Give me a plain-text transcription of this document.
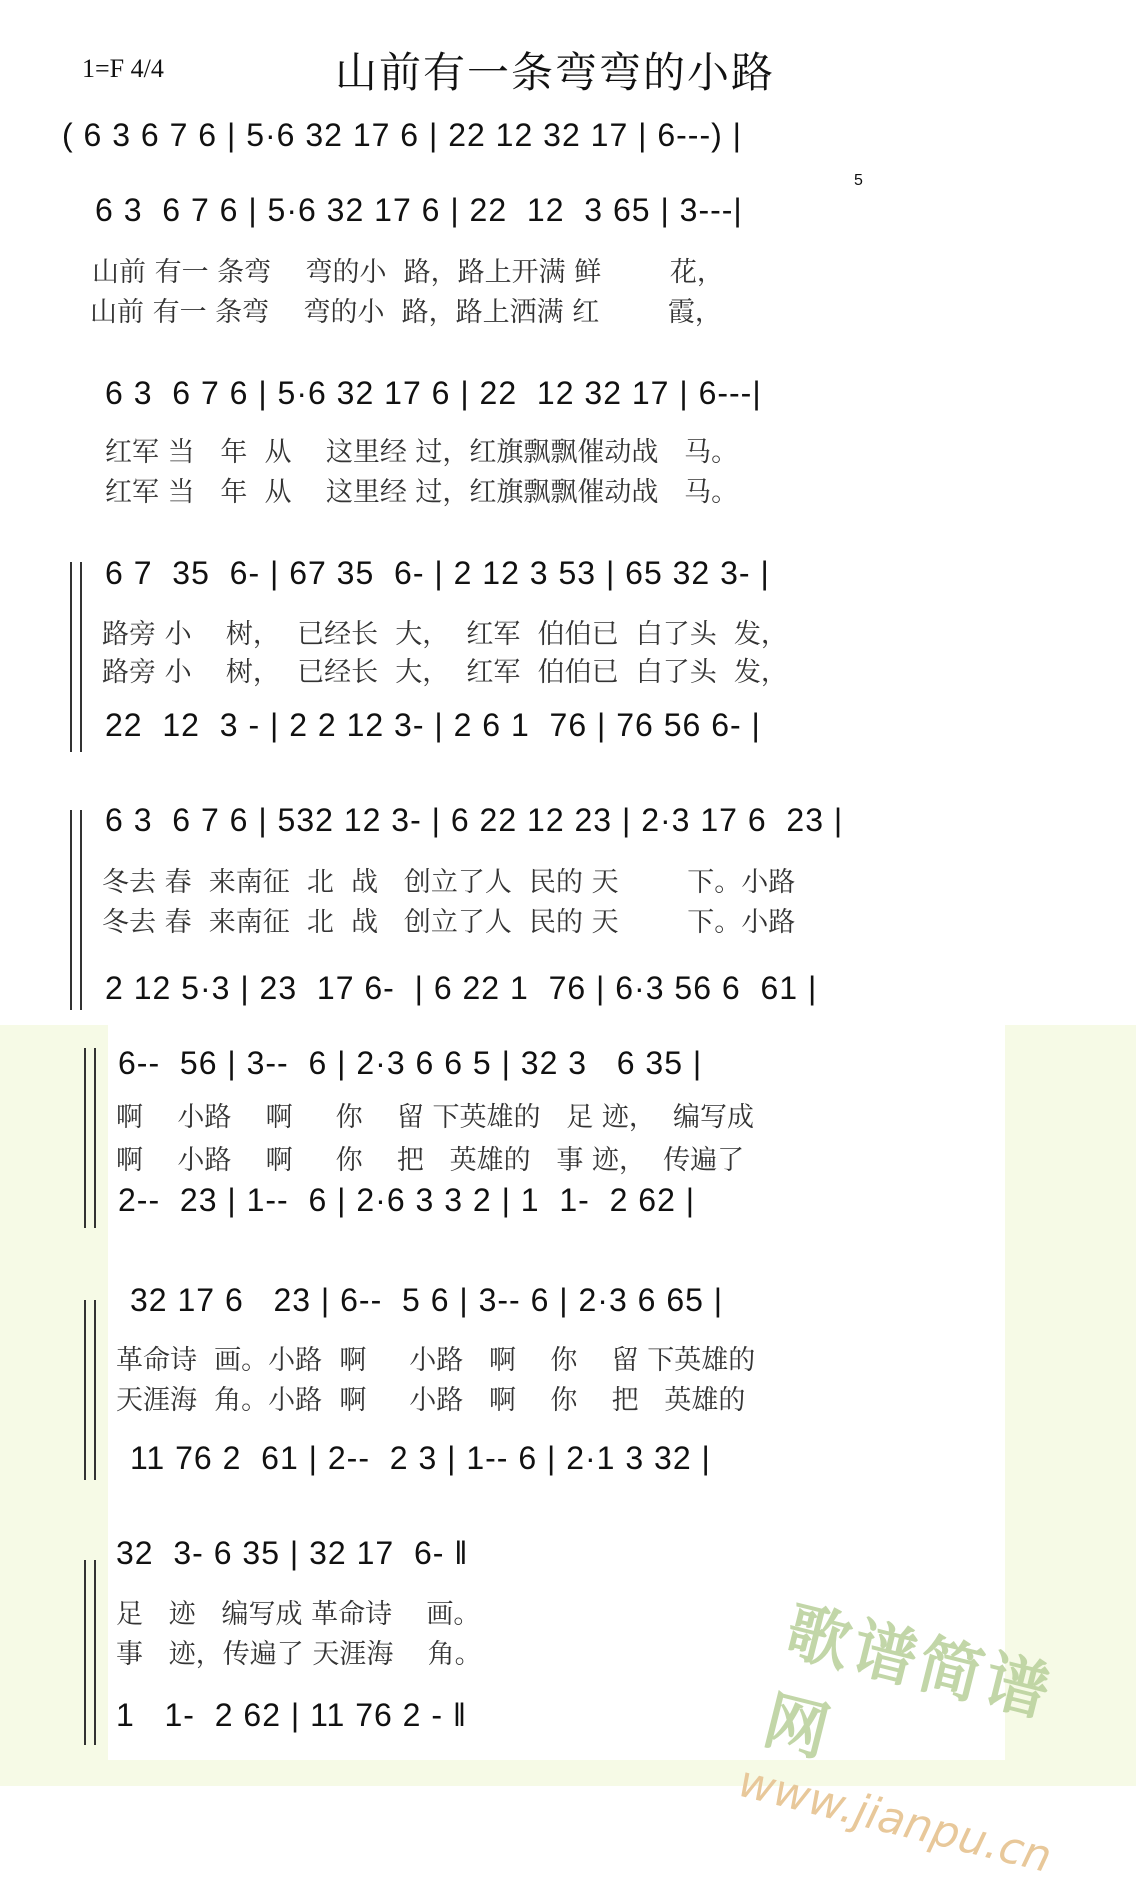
1=F 4/4	山前有一条弯弯的小路
( 6 3 6 7 6 | 5·6 32 17 6 | 22 12 32 17 | 6---) |
6 3  6 7 6 | 5·6 32 17 6 | 22  12  3 65 | 3---|
5
山前 有一 条弯    弯的小  路，路上开满 鲜        花，
山前 有一 条弯    弯的小  路，路上洒满 红        霞，
6 3  6 7 6 | 5·6 32 17 6 | 22  12 32 17 | 6---|
红军 当   年  从    这里经 过，红旗飘飘催动战   马。
红军 当   年  从    这里经 过，红旗飘飘催动战   马。
6 7  35  6- | 67 35  6- | 2 12 3 53 | 65 32 3- |
路旁 小    树，  已经长  大，  红军  伯伯已  白了头  发，
路旁 小    树，  已经长  大，  红军  伯伯已  白了头  发，
22  12  3 - | 2 2 12 3- | 2 6 1  76 | 76 56 6- |
6 3  6 7 6 | 532 12 3- | 6 22 12 23 | 2·3 17 6  23 |
冬去 春  来南征  北  战   创立了人  民的 天        下。小路
冬去 春  来南征  北  战   创立了人  民的 天        下。小路
2 12 5·3 | 23  17 6-  | 6 22 1  76 | 6·3 56 6  61 |
6--  56 | 3--  6 | 2·3 6 6 5 | 32 3   6 35 |
啊    小路    啊     你    留 下英雄的   足 迹，  编写成
啊    小路    啊     你    把   英雄的   事 迹，  传遍了
2--  23 | 1--  6 | 2·6 3 3 2 | 1  1-  2 62 |
32 17 6   23 | 6--  5 6 | 3-- 6 | 2·3 6 65 |
革命诗  画。小路  啊     小路   啊    你    留 下英雄的
天涯海  角。小路  啊     小路   啊    你    把   英雄的
11 76 2  61 | 2--  2 3 | 1-- 6 | 2·1 3 32 |
32  3- 6 35 | 32 17  6- ‖
足   迹   编写成 革命诗    画。
事   迹，传遍了 天涯海    角。
1   1-  2 62 | 11 76 2 - ‖	歌谱简谱网
www.jianpu.cn
